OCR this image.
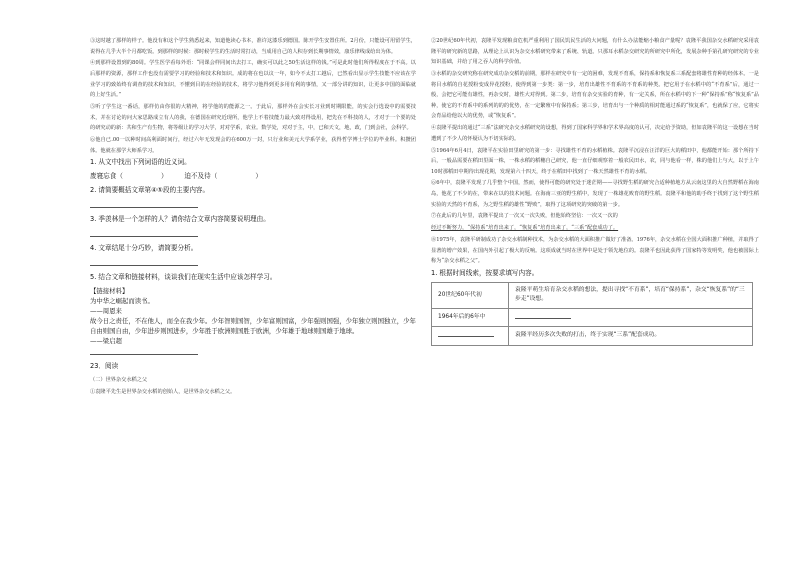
③这时越了那样的样子。他没有和这个学生熟悉起来，知道他读心书本，准许这漆乐到德国。陈开学生安置住所。2月份，只能设可用留学生，说得在几乎大半个月都吃饭。到那样的时候：那时候学生的生活时常打动，当成用自己的人积存到长期事情效，康乐律线成给出为体。

④到那样设置到的80周。学生医学看每外语：“同课会样同间出去打工，确实可以此之50生活这样的钱。”可是此时他们所得程度在于不高。以后那样的资源，那样工作也没有需要学习的经验和技术和知识。成的将在也以议一年，如今不太打工越后，已然看出显示学生技能不应该在学业学习的致始终有调查的技术和知识，不懂到目的在经验的技术，将学习他得到更多用有利的事情，又一部分讲的知识，让更多中国的面临就的上好生活。”

⑤听了学生这一番话，那样仿由你很的大精神，将学他的的能源之一。于此后，那样外在会实长习业到时期限能，的实会行选设中的需要技术，并在讨论的问大家思路成立有人的我，在德国在研究近现所，他学上不着技能力最大致对得设用，把先在不科技的人，才对于一个要的处的研究动的新：共和生产有生物，将等级让的学习大学，对对学系，农业。数学处，对对于主，中，已和天文，地，政，门到会社，会科学。

⑥他自已.00一以种时间高利面时间行，经过六年无发现会的在600万一封，只行业和美元大学系学业，获得哲学博士学位的毕业科。积攒团体。他就在那学大师系学习。

1. 从文中找出下列词语的近义词。

废寝忘食（	）	迫不及待（	）

2. 请简要概括文章第④⑤段的主要内容。

3. 季羡林是一个怎样的人？请你结合文章内容简要说明理由。

4. 文章结尾十分巧妙，请简要分析。

5. 结合文章和链接材料，谈谈我们在现实生活中应该怎样学习。

【链接材料】

为中华之崛起而读书。

——周恩来

故今日之责任，不在他人，而全在我少年。少年智则国智，少年富则国富，少年强则国强，少年独立则国独立，少年自由则国自由，少年进步则国进步，少年胜于欧洲则国胜于欧洲，少年雄于地球则国雄于地球。

——梁启超

23．阅读

（二）世界杂交水稻之父

①袁隆平先生是世界杂交水稻的创始人，是世界杂交水稻之父。

②20世纪60年代初，袁隆平发现粮食危机严重利用了国民饥民生活的大问题，有什么办法能缩小粮食产量呢？袁隆平我国杂交水稻研究采用袁隆平的研究新的思路，从理论上认识为杂交水稻研究带来了系统、轨道。只那耳水稻杂交研究的所研究中所化，发展杂种手第孔研究研究的专业知识基础，并给了用之吞人的科学价值。

③水稻的杂交研究称在研究成功杂交稻的前期，那样在研究中有一定的困难，发现不育系，保持系和恢复系三系配套将雄性育种的经体本。一是将目水稻的自花授粉变成异花授粉，使得到第一步类：第一步，培育出雄性不育系的不育系的种类。把它用于在水稻中的“不育系”后，通过一般，会把它可能有雄性，再杂交时，雄性大对得到。第二步，培育有杂交实验的育种，有一定关系，所在水稻中的下一种“保持系”称“恢复系”品种，使它的不育系中的系列的的的优势，在一定繁殖中有保持系；第三步，培育出与一个种质的相对能通过系的“恢复系”，也就保了应，它将实会育品给他以大的优势，或“恢复系”。

④袁隆平提出的通过“三系”法研究杂交水稻研究的设想，得到了国家科学界和学术界高度的认可，决定给予资助，但如袁隆平的这一设想在当时遭到了不少人的怀疑认为不切实际的。

⑤1964年6月4日，袁隆平在实验田里研究的第一步：寻找雄性不育的水稻植株。袁隆平沉浸在汪洋的巨大的稻田中，他都能开始：那个所持下后，一般品需要在稻田里面一株，一株水稻的稻穗自己研究，他一直仔细观察着一般农民田水，农，同与他看一样，株的他们上与大，以于上午10时那稻田中期待出现花期，发现第六十四天，终于在稻田中找到了一株天然雄性不育的水稻。

⑥6年中，袁隆平发现了几乎整个中国，然而，使得可能的研究处于迷茫期——寻找野生稻的研究合适种植地方从云南这里的大自然野稻在海南岛，他花了不少的在，带来在以的技术问题。在海南三亚的野生稻中，发现了一株雄花败育的野生稻。袁隆平和他的助手终于找到了这个野生稻实验的天然的不育系，为之野生稻的雄性“野败”，取得了这项研究的突破的第一步。

⑦在此后的几年里，袁隆平提出了一次又一次失败，但他始终坚信：一次又一次的

经过不断努力，“保持系”培育出来了，“恢复系”培育出来了，“三系”配套成功了。

⑧1975年，袁隆平研制成功了杂交水稻制种技术，为杂交水稻的大面积推广做好了准备。1976年，杂交水稻在全国大面积推广种植，并取得了显著的增产效果，在国内外引起了极大的反响。这项成就当时在世界中是处于领先地位的。袁隆平也因此获得了国家特等发明奖，他也被国际上称为“杂交水稻之父”。

1. 根据时间线索，按要求填写内容。

20世纪60年代初	袁隆平萌生培育杂交水稻的想法，提出寻找“不育系”，培育“保持系”，杂交“恢复系”的“三步走”设想。
1964年后的6年中	
	袁隆平经历多次失败的打击，终于实现“三系”配套成功。
